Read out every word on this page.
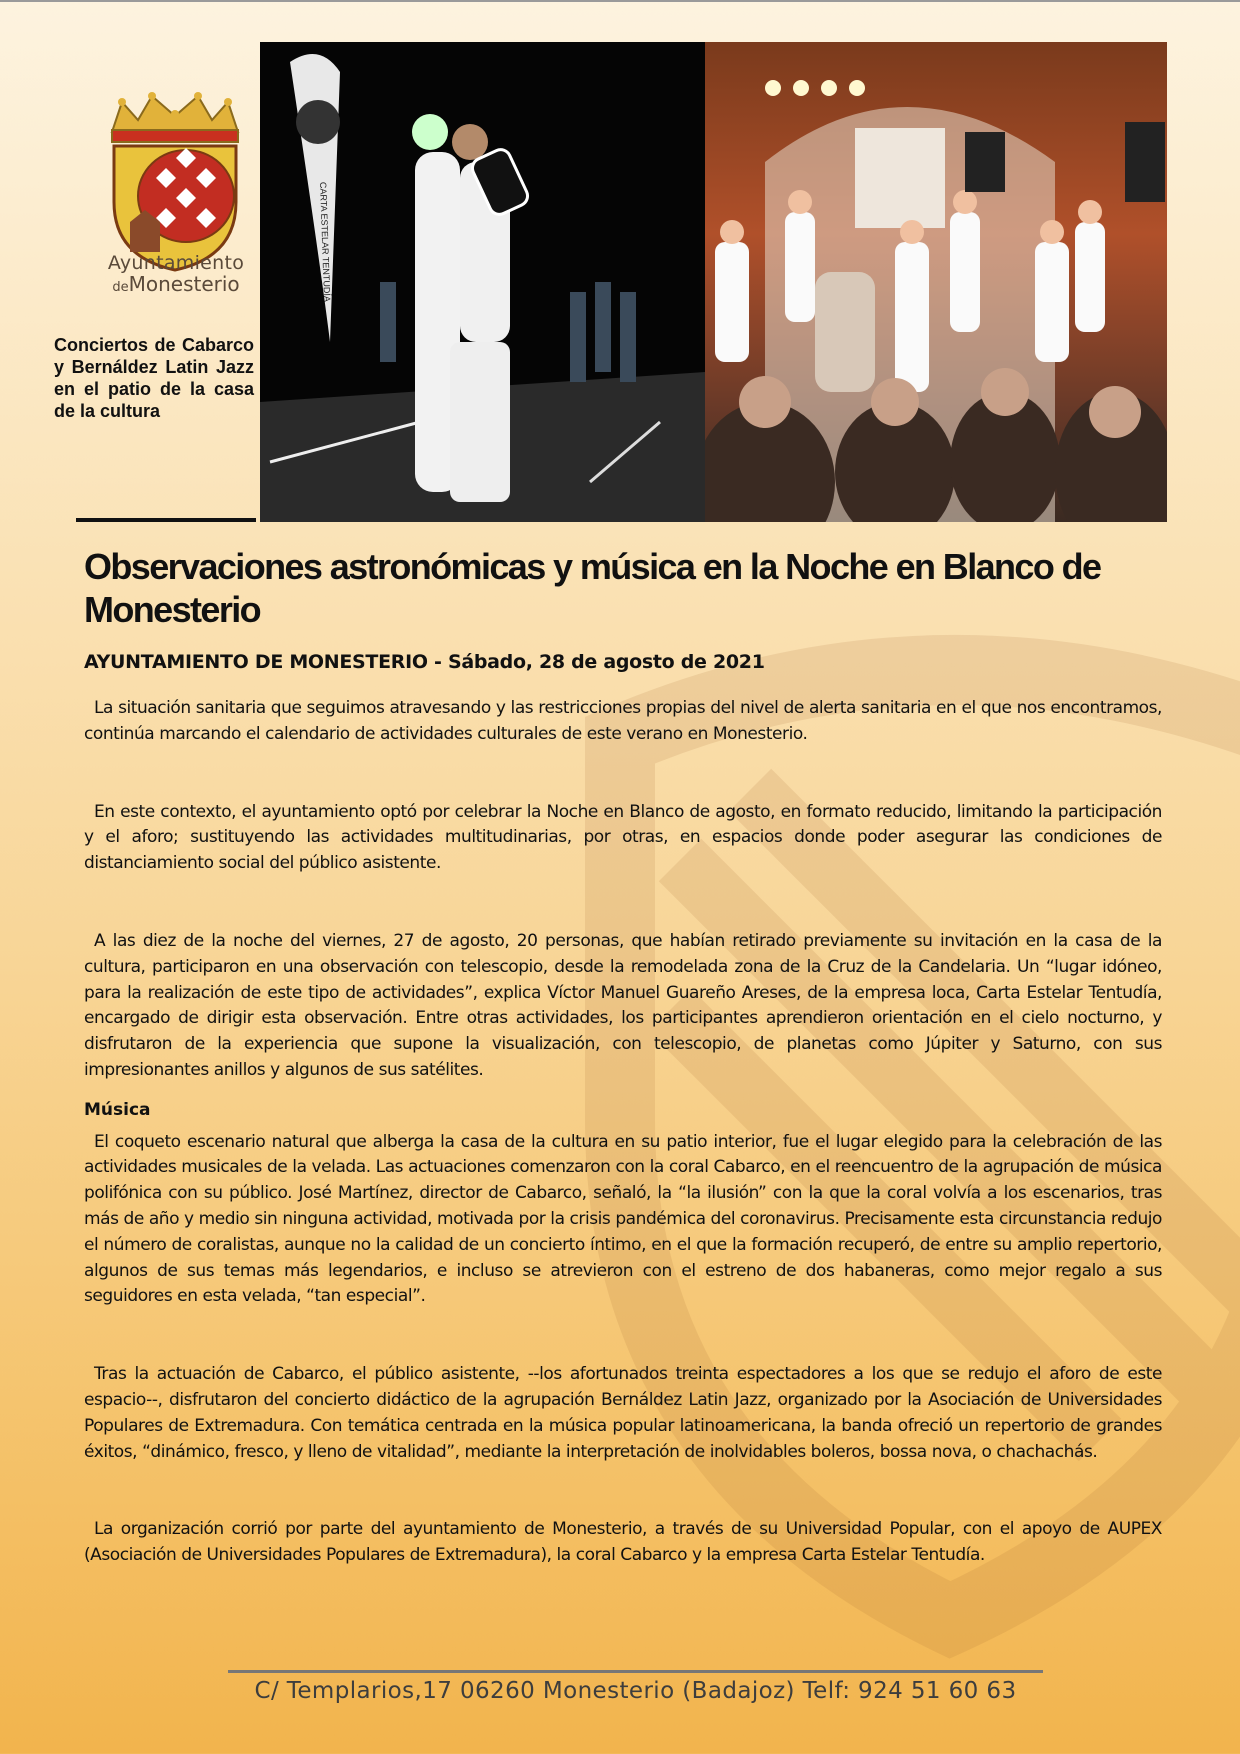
Ayuntamiento
deMonesterio	CARTA ESTELAR TENTUDÍA
Conciertos de Cabarco y Bernáldez Latin Jazz en el patio de la casa de la cultura
Observaciones astronómicas y música en la Noche en Blanco de Monesterio
AYUNTAMIENTO DE MONESTERIO - Sábado, 28 de agosto de 2021

La situación sanitaria que seguimos atravesando y las restricciones propias del nivel de alerta sanitaria en el que nos encontramos, continúa marcando el calendario de actividades culturales de este verano en Monesterio.

En este contexto, el ayuntamiento optó por celebrar la Noche en Blanco de agosto, en formato reducido, limitando la participación y el aforo; sustituyendo las actividades multitudinarias, por otras, en espacios donde poder asegurar las condiciones de distanciamiento social del público asistente.

A las diez de la noche del viernes, 27 de agosto, 20 personas, que habían retirado previamente su invitación en la casa de la cultura, participaron en una observación con telescopio, desde la remodelada zona de la Cruz de la Candelaria. Un “lugar idóneo, para la realización de este tipo de actividades”, explica Víctor Manuel Guareño Areses, de la empresa loca, Carta Estelar Tentudía, encargado de dirigir esta observación. Entre otras actividades, los participantes aprendieron orientación en el cielo nocturno, y disfrutaron de la experiencia que supone la visualización, con telescopio, de planetas como Júpiter y Saturno, con sus impresionantes anillos y algunos de sus satélites.

Música

El coqueto escenario natural que alberga la casa de la cultura en su patio interior, fue el lugar elegido para la celebración de las actividades musicales de la velada. Las actuaciones comenzaron con la coral Cabarco, en el reencuentro de la agrupación de música polifónica con su público. José Martínez, director de Cabarco, señaló, la “la ilusión” con la que la coral volvía a los escenarios, tras más de año y medio sin ninguna actividad, motivada por la crisis pandémica del coronavirus. Precisamente esta circunstancia redujo el número de coralistas, aunque no la calidad de un concierto íntimo, en el que la formación recuperó, de entre su amplio repertorio, algunos de sus temas más legendarios, e incluso se atrevieron con el estreno de dos habaneras, como mejor regalo a sus seguidores en esta velada, “tan especial”.

Tras la actuación de Cabarco, el público asistente, --los afortunados treinta espectadores a los que se redujo el aforo de este espacio--, disfrutaron del concierto didáctico de la agrupación Bernáldez Latin Jazz, organizado por la Asociación de Universidades Populares de Extremadura. Con temática centrada en la música popular latinoamericana, la banda ofreció un repertorio de grandes éxitos, “dinámico, fresco, y lleno de vitalidad”, mediante la interpretación de inolvidables boleros, bossa nova, o chachachás.

La organización corrió por parte del ayuntamiento de Monesterio, a través de su Universidad Popular, con el apoyo de AUPEX (Asociación de Universidades Populares de Extremadura), la coral Cabarco y la empresa Carta Estelar Tentudía.

C/ Templarios,17 06260 Monesterio (Badajoz) Telf: 924 51 60 63
